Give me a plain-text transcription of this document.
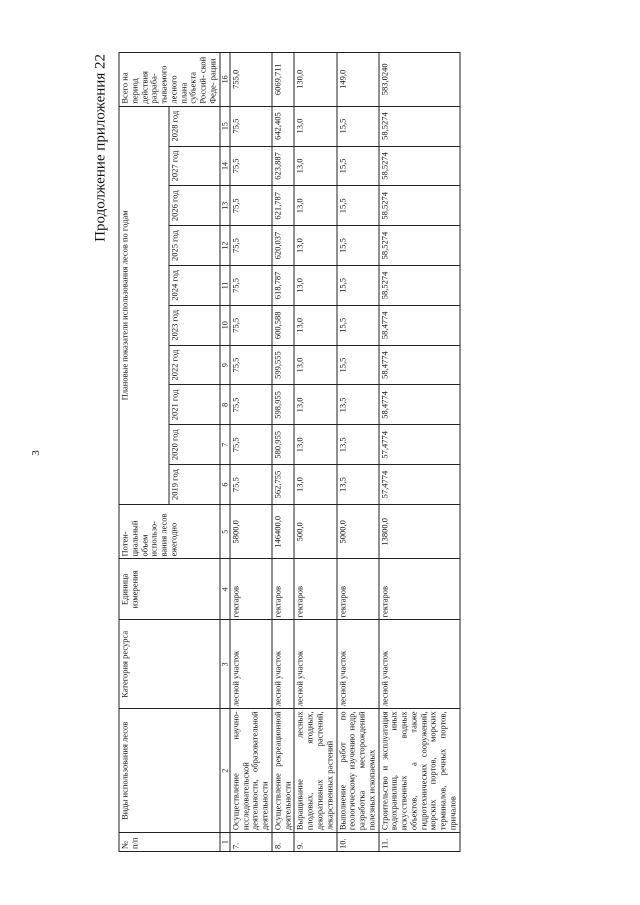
3
Продолжение приложения 22
№ п/п	Виды использования лесов	Категория ресурса	Единица измерения	Потен- циальный объем использо- вания лесов ежегодно	Плановые показатели использования лесов по годам										Всего на период действия разраба- тываемого лесного плана субъекта Россий- ской Феде- рации
					2019 год	2020 год	2021 год	2022 год	2023 год	2024 год	2025 год	2026 год	2027 год	2028 год	
1	2	3	4	5	6	7	8	9	10	11	12	13	14	15	16
7.	Осуществление научно-исследовательской деятельности, образовательной деятельности	лесной участок	гектаров	5800,0	75,5	75,5	75,5	75,5	75,5	75,5	75,5	75,5	75,5	75,5	755,0
8.	Осуществление рекреационной деятельности	лесной участок	гектаров	146400,0	562,755	580,955	598,955	599,555	600,588	618,787	620,037	621,787	623,887	642,405	6069,711
9.	Выращивание лесных плодовых, ягодных, декоративных растений, лекарственных растений	лесной участок	гектаров	500,0	13,0	13,0	13,0	13,0	13,0	13,0	13,0	13,0	13,0	13,0	130,0
10.	Выполнение работ по геологическому изучению недр, разработка месторождений полезных ископаемых	лесной участок	гектаров	5000,0	13,5	13,5	13,5	15,5	15,5	15,5	15,5	15,5	15,5	15,5	149,0
11.	Строительство и эксплуатация водохранилищ, иных искусственных водных объектов, а также гидротехнических сооружений, морских портов, морских терминалов, речных портов, причалов	лесной участок	гектаров	13800,0	57,4774	57,4774	58,4774	58,4774	58,4774	58,5274	58,5274	58,5274	58,5274	58,5274	583,0240
